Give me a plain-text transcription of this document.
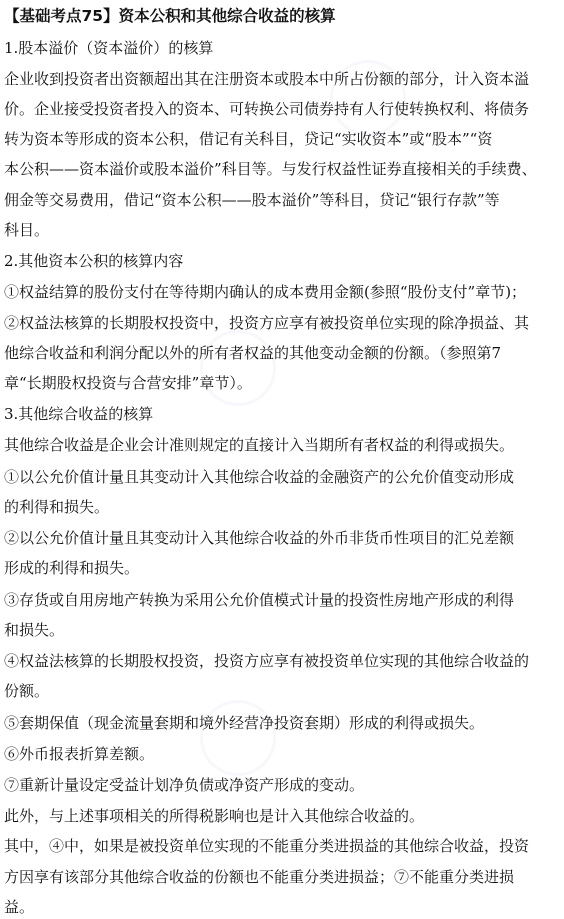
【基础考点75】资本公积和其他综合收益的核算
1.股本溢价（资本溢价）的核算
企业收到投资者出资额超出其在注册资本或股本中所占份额的部分，计入资本溢
价。企业接受投资者投入的资本、可转换公司债券持有人行使转换权利、将债务
转为资本等形成的资本公积，借记有关科目，贷记“实收资本”或“股本”“资
本公积——资本溢价或股本溢价”科目等。与发行权益性证券直接相关的手续费、
佣金等交易费用，借记“资本公积——股本溢价”等科目，贷记“银行存款”等
科目。
2.其他资本公积的核算内容
①权益结算的股份支付在等待期内确认的成本费用金额(参照“股份支付”章节)；
②权益法核算的长期股权投资中，投资方应享有被投资单位实现的除净损益、其
他综合收益和利润分配以外的所有者权益的其他变动金额的份额。（参照第7
章“长期股权投资与合营安排”章节）。
3.其他综合收益的核算
其他综合收益是企业会计准则规定的直接计入当期所有者权益的利得或损失。
①以公允价值计量且其变动计入其他综合收益的金融资产的公允价值变动形成
的利得和损失。
②以公允价值计量且其变动计入其他综合收益的外币非货币性项目的汇兑差额
形成的利得和损失。
③存货或自用房地产转换为采用公允价值模式计量的投资性房地产形成的利得
和损失。
④权益法核算的长期股权投资，投资方应享有被投资单位实现的其他综合收益的
份额。
⑤套期保值（现金流量套期和境外经营净投资套期）形成的利得或损失。
⑥外币报表折算差额。
⑦重新计量设定受益计划净负债或净资产形成的变动。
此外，与上述事项相关的所得税影响也是计入其他综合收益的。
其中，④中，如果是被投资单位实现的不能重分类进损益的其他综合收益，投资
方因享有该部分其他综合收益的份额也不能重分类进损益；⑦不能重分类进损
益。
